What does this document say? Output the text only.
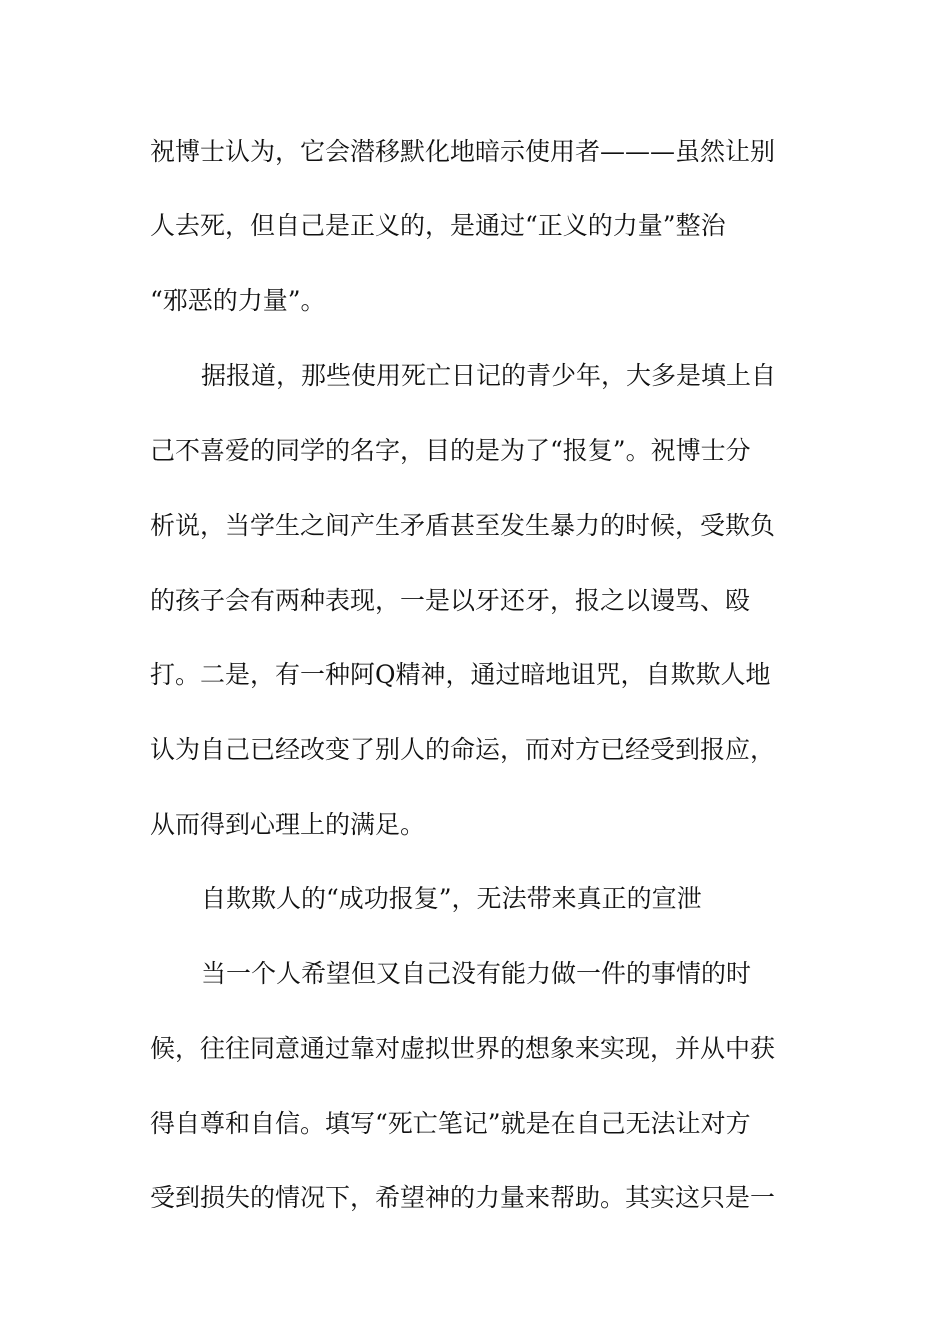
祝博士认为，它会潜移默化地暗示使用者———虽然让别
人去死，但自己是正义的，是通过“正义的力量”整治
“邪恶的力量”。
据报道，那些使用死亡日记的青少年，大多是填上自
己不喜爱的同学的名字，目的是为了“报复”。祝博士分
析说，当学生之间产生矛盾甚至发生暴力的时候，受欺负
的孩子会有两种表现，一是以牙还牙，报之以谩骂、殴
打。二是，有一种阿Q精神，通过暗地诅咒，自欺欺人地
认为自己已经改变了别人的命运，而对方已经受到报应，
从而得到心理上的满足。
自欺欺人的“成功报复”，无法带来真正的宣泄
当一个人希望但又自己没有能力做一件的事情的时
候，往往同意通过靠对虚拟世界的想象来实现，并从中获
得自尊和自信。填写“死亡笔记”就是在自己无法让对方
受到损失的情况下，希望神的力量来帮助。其实这只是一
